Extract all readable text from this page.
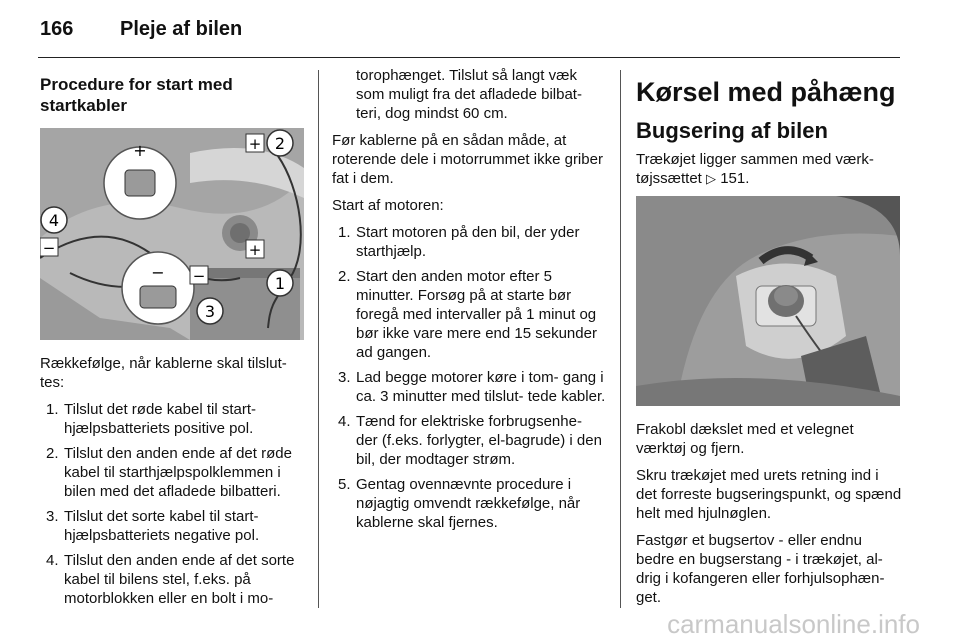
166 Pleje af bilen
Procedure for start med startkabler
+
−
+
−	+
−
2
4
1
3

Rækkefølge, når kablerne skal tilslut- tes:

1. Tilslut det røde kabel til start- hjælpsbatteriets positive pol.
2. Tilslut den anden ende af det røde kabel til starthjælpspolklemmen i bilen med det afladede bilbatteri.
3. Tilslut det sorte kabel til start- hjælpsbatteriets negative pol.
4. Tilslut den anden ende af det sorte kabel til bilens stel, f.eks. på motorblokken eller en bolt i mo-
torophænget. Tilslut så langt væk som muligt fra det afladede bilbat- teri, dog mindst 60 cm.

Før kablerne på en sådan måde, at roterende dele i motorrummet ikke griber fat i dem.

Start af motoren:

1. Start motoren på den bil, der yder starthjælp.
2. Start den anden motor efter 5 minutter. Forsøg på at starte bør foregå med intervaller på 1 minut og bør ikke vare mere end 15 sekunder ad gangen.
3. Lad begge motorer køre i tom- gang i ca. 3 minutter med tilslut- tede kabler.
4. Tænd for elektriske forbrugsenhe- der (f.eks. forlygter, el-bagrude) i den bil, der modtager strøm.
5. Gentag ovennævnte procedure i nøjagtig omvendt rækkefølge, når kablerne skal fjernes.
Kørsel med påhæng
Bugsering af bilen

Trækøjet ligger sammen med værk- tøjssættet ▷ 151.

Frakobl dækslet med et velegnet værktøj og fjern.

Skru trækøjet med urets retning ind i det forreste bugseringspunkt, og spænd helt med hjulnøglen.

Fastgør et bugsertov - eller endnu bedre en bugserstang - i trækøjet, al- drig i kofangeren eller forhjulsophæn- get.

carmanualsonline.info
